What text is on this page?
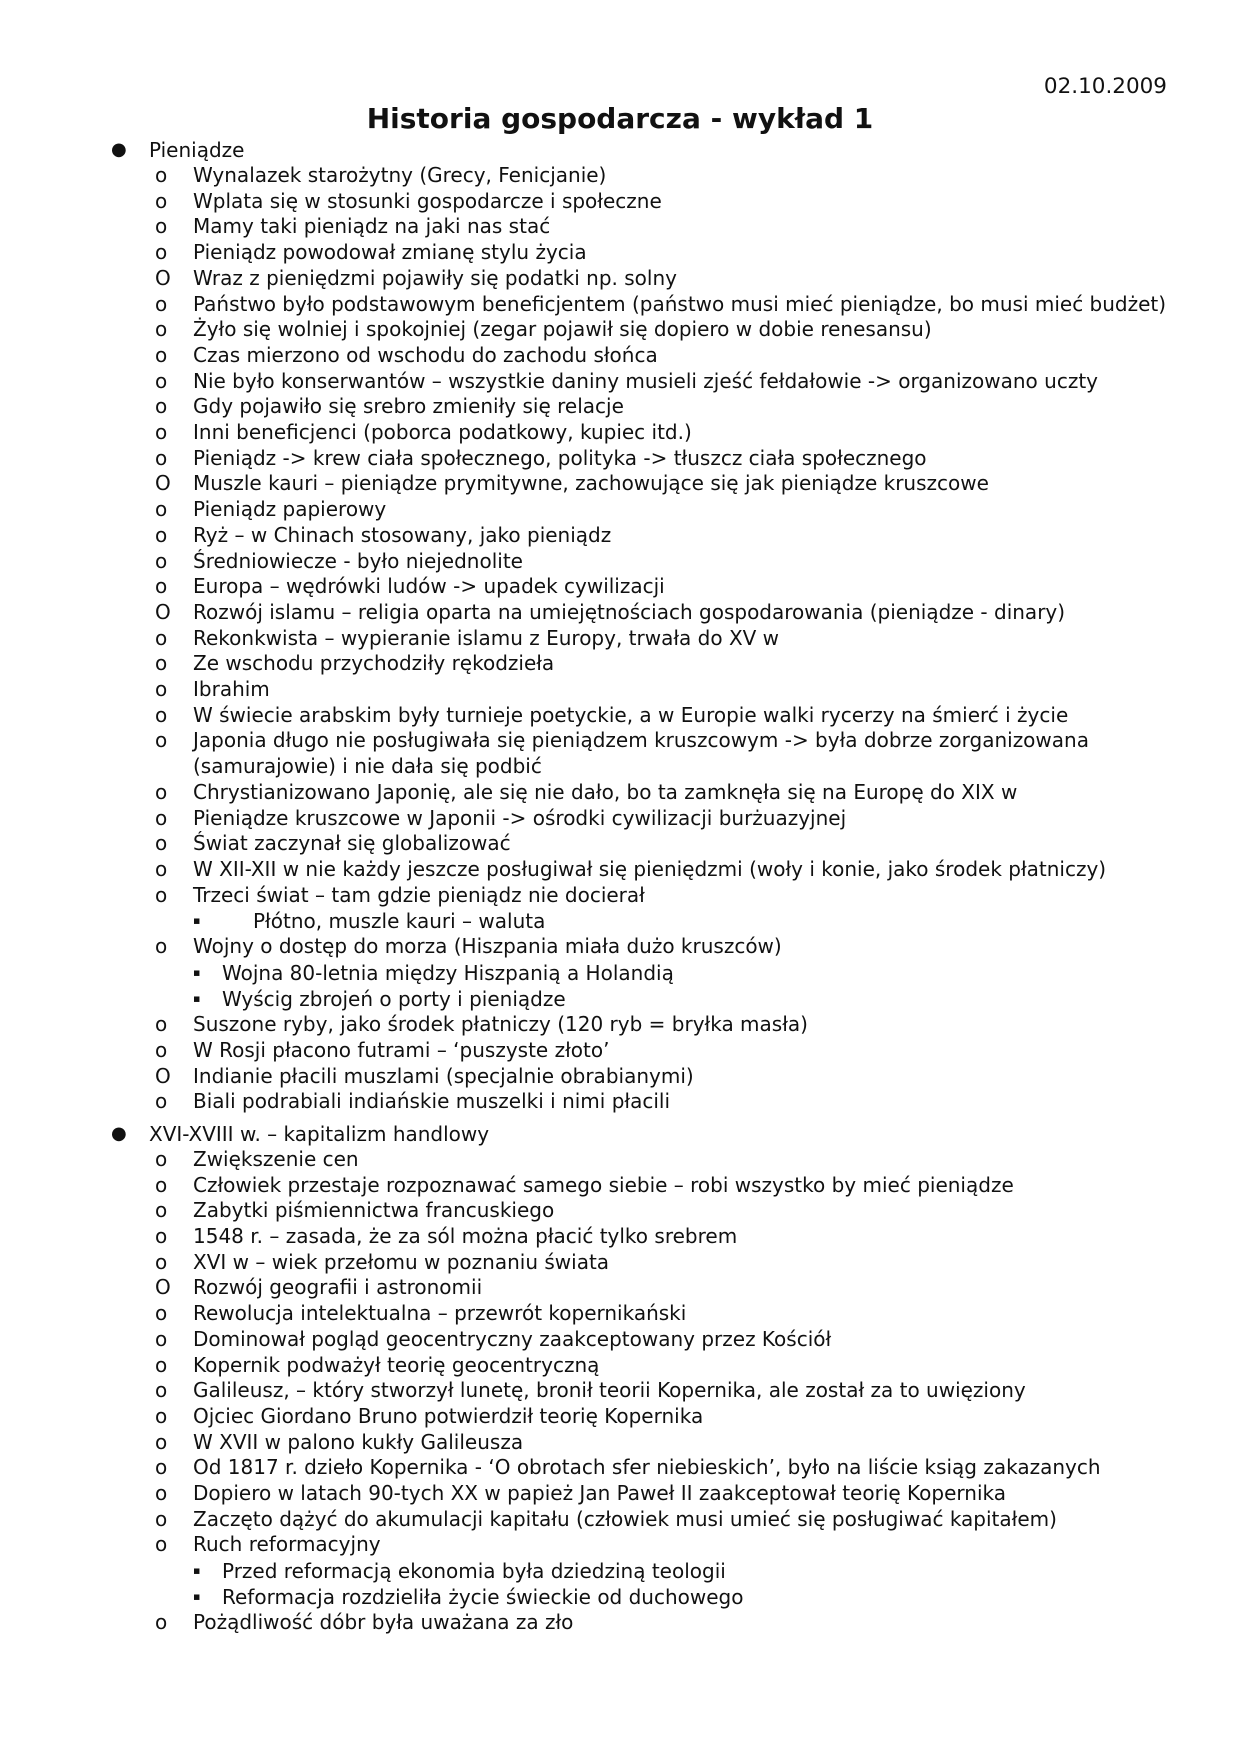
02.10.2009
Historia gospodarcza - wykład 1
● Pieniądze
o	Wynalazek starożytny (Grecy, Fenicjanie)
o	Wplata się w stosunki gospodarcze i społeczne
o	Mamy taki pieniądz na jaki nas stać
o	Pieniądz powodował zmianę stylu życia
O Wraz z pieniędzmi pojawiły się podatki np. solny
o	Państwo było podstawowym beneficjentem (państwo musi mieć pieniądze, bo musi mieć budżet)
o	Żyło się wolniej i spokojniej (zegar pojawił się dopiero w dobie renesansu)
o	Czas mierzono od wschodu do zachodu słońca
o	Nie było konserwantów – wszystkie daniny musieli zjeść fełdałowie -> organizowano uczty
o	Gdy pojawiło się srebro zmieniły się relacje
o	Inni beneficjenci (poborca podatkowy, kupiec itd.)
o	Pieniądz -> krew ciała społecznego, polityka -> tłuszcz ciała społecznego
O Muszle kauri – pieniądze prymitywne, zachowujące się jak pieniądze kruszcowe
o	Pieniądz papierowy
o	Ryż – w Chinach stosowany, jako pieniądz
o	Średniowiecze - było niejednolite
o	Europa – wędrówki ludów -> upadek cywilizacji
O Rozwój islamu – religia oparta na umiejętnościach gospodarowania (pieniądze - dinary)
o	Rekonkwista – wypieranie islamu z Europy, trwała do XV w
o	Ze wschodu przychodziły rękodzieła
o	Ibrahim
o	W świecie arabskim były turnieje poetyckie, a w Europie walki rycerzy na śmierć i życie
o	Japonia długo nie posługiwała się pieniądzem kruszcowym -> była dobrze zorganizowana (samurajowie) i nie dała się podbić
o	Chrystianizowano Japonię, ale się nie dało, bo ta zamknęła się na Europę do XIX w
o	Pieniądze kruszcowe w Japonii -> ośrodki cywilizacji burżuazyjnej
o	Świat zaczynał się globalizować
o	W XII-XII w nie każdy jeszcze posługiwał się pieniędzmi (woły i konie, jako środek płatniczy)
o	Trzeci świat – tam gdzie pieniądz nie docierał
▪	Płótno, muszle kauri – waluta
o	Wojny o dostęp do morza (Hiszpania miała dużo kruszców)
▪ Wojna 80-letnia między Hiszpanią a Holandią
▪ Wyścig zbrojeń o porty i pieniądze
o	Suszone ryby, jako środek płatniczy (120 ryb = bryłka masła)
o	W Rosji płacono futrami – ‘puszyste złoto’
O Indianie płacili muszlami (specjalnie obrabianymi)
o	Biali podrabiali indiańskie muszelki i nimi płacili
● XVI-XVIII w. – kapitalizm handlowy
o	Zwiększenie cen
o	Człowiek przestaje rozpoznawać samego siebie – robi wszystko by mieć pieniądze
o	Zabytki piśmiennictwa francuskiego
o	1548 r. – zasada, że za sól można płacić tylko srebrem
o	XVI w – wiek przełomu w poznaniu świata
O Rozwój geografii i astronomii
o	Rewolucja intelektualna – przewrót kopernikański
o	Dominował pogląd geocentryczny zaakceptowany przez Kościół
o	Kopernik podważył teorię geocentryczną
o	Galileusz, – który stworzył lunetę, bronił teorii Kopernika, ale został za to uwięziony
o	Ojciec Giordano Bruno potwierdził teorię Kopernika
o	W XVII w palono kukły Galileusza
o	Od 1817 r. dzieło Kopernika - ‘O obrotach sfer niebieskich’, było na liście ksiąg zakazanych
o	Dopiero w latach 90-tych XX w papież Jan Paweł II zaakceptował teorię Kopernika
o	Zaczęto dążyć do akumulacji kapitału (człowiek musi umieć się posługiwać kapitałem)
o	Ruch reformacyjny
▪ Przed reformacją ekonomia była dziedziną teologii
▪ Reformacja rozdzieliła życie świeckie od duchowego
o	Pożądliwość dóbr była uważana za zło
